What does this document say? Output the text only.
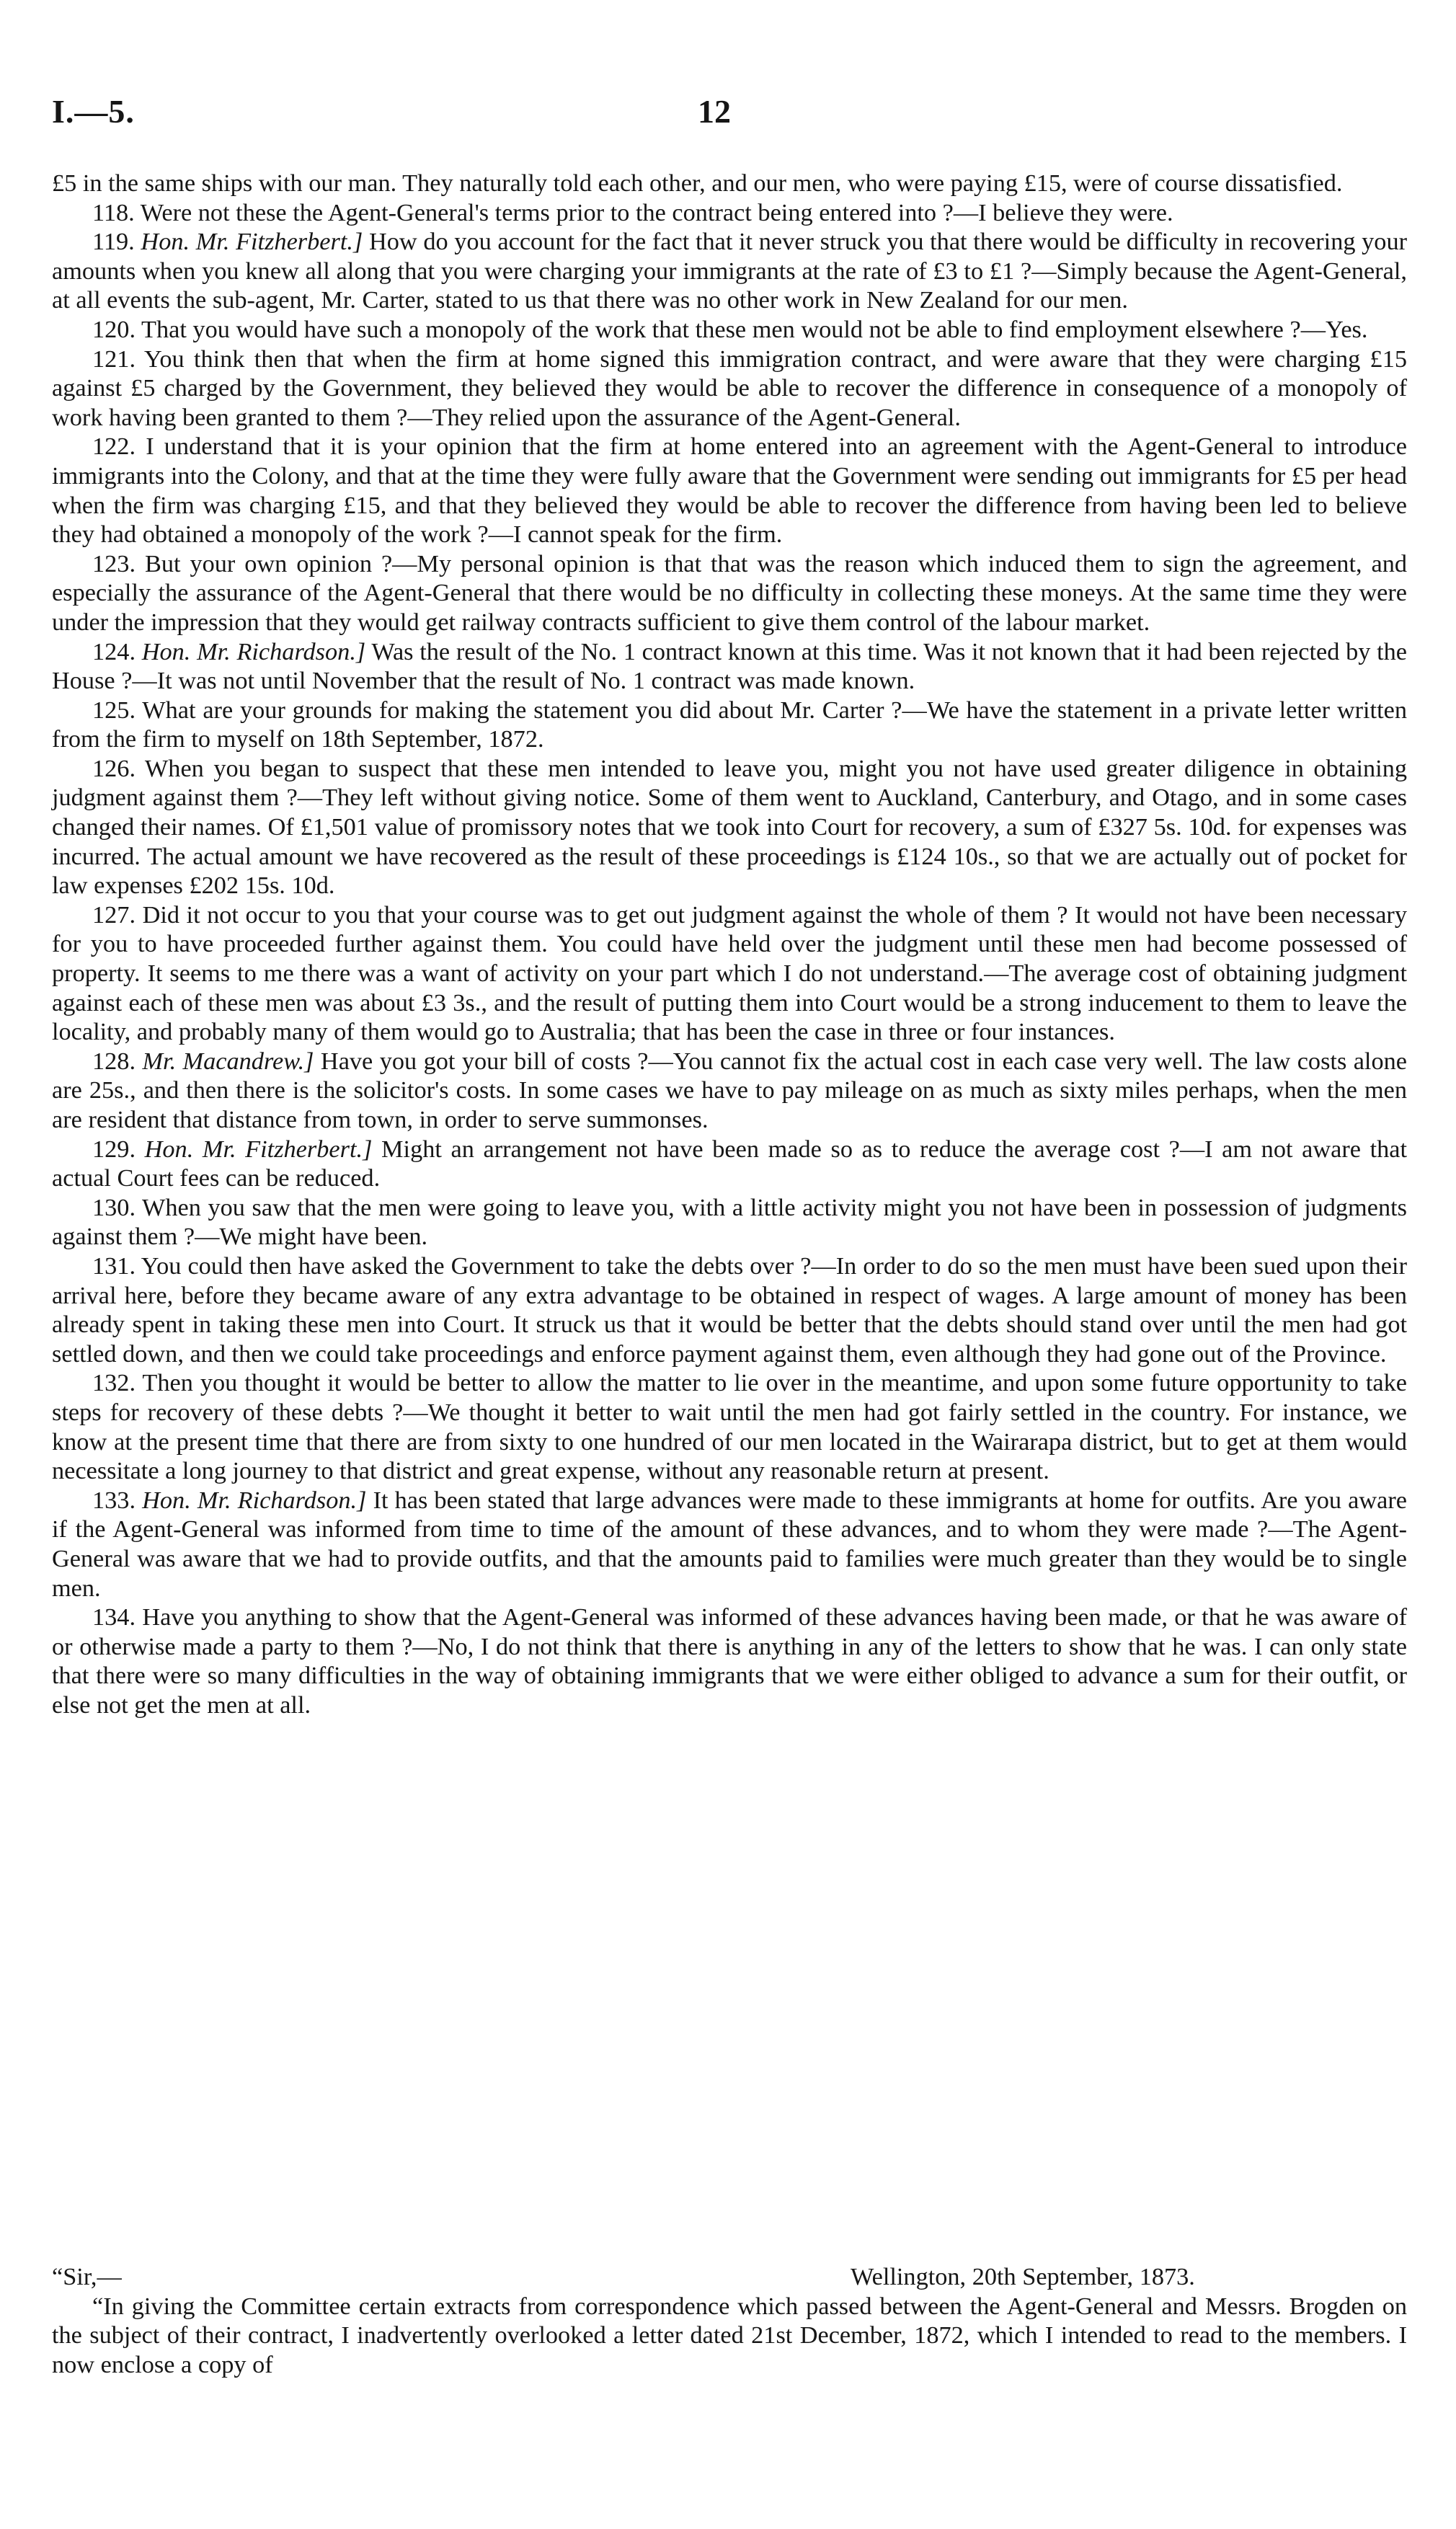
I.—5.	12

£5 in the same ships with our man. They naturally told each other, and our men, who were paying £15, were of course dissatisfied.

118. Were not these the Agent-General's terms prior to the contract being entered into ?—I believe they were.

119. Hon. Mr. Fitzherbert.] How do you account for the fact that it never struck you that there would be difficulty in recovering your amounts when you knew all along that you were charging your immigrants at the rate of £3 to £1 ?—Simply because the Agent-General, at all events the sub-agent, Mr. Carter, stated to us that there was no other work in New Zealand for our men.

120. That you would have such a monopoly of the work that these men would not be able to find employment elsewhere ?—Yes.

121. You think then that when the firm at home signed this immigration contract, and were aware that they were charging £15 against £5 charged by the Government, they believed they would be able to recover the difference in consequence of a monopoly of work having been granted to them ?—They relied upon the assurance of the Agent-General.

122. I understand that it is your opinion that the firm at home entered into an agreement with the Agent-General to introduce immigrants into the Colony, and that at the time they were fully aware that the Government were sending out immigrants for £5 per head when the firm was charging £15, and that they believed they would be able to recover the difference from having been led to believe they had obtained a monopoly of the work ?—I cannot speak for the firm.

123. But your own opinion ?—My personal opinion is that that was the reason which induced them to sign the agreement, and especially the assurance of the Agent-General that there would be no difficulty in collecting these moneys. At the same time they were under the impression that they would get railway contracts sufficient to give them control of the labour market.

124. Hon. Mr. Richardson.] Was the result of the No. 1 contract known at this time. Was it not known that it had been rejected by the House ?—It was not until November that the result of No. 1 contract was made known.

125. What are your grounds for making the statement you did about Mr. Carter ?—We have the statement in a private letter written from the firm to myself on 18th September, 1872.

126. When you began to suspect that these men intended to leave you, might you not have used greater diligence in obtaining judgment against them ?—They left without giving notice. Some of them went to Auckland, Canterbury, and Otago, and in some cases changed their names. Of £1,501 value of promissory notes that we took into Court for recovery, a sum of £327 5s. 10d. for expenses was incurred. The actual amount we have recovered as the result of these proceedings is £124 10s., so that we are actually out of pocket for law expenses £202 15s. 10d.

127. Did it not occur to you that your course was to get out judgment against the whole of them ? It would not have been necessary for you to have proceeded further against them. You could have held over the judgment until these men had become possessed of property. It seems to me there was a want of activity on your part which I do not understand.—The average cost of obtaining judgment against each of these men was about £3 3s., and the result of putting them into Court would be a strong inducement to them to leave the locality, and probably many of them would go to Australia; that has been the case in three or four instances.

128. Mr. Macandrew.] Have you got your bill of costs ?—You cannot fix the actual cost in each case very well. The law costs alone are 25s., and then there is the solicitor's costs. In some cases we have to pay mileage on as much as sixty miles perhaps, when the men are resident that distance from town, in order to serve summonses.

129. Hon. Mr. Fitzherbert.] Might an arrangement not have been made so as to reduce the average cost ?—I am not aware that actual Court fees can be reduced.

130. When you saw that the men were going to leave you, with a little activity might you not have been in possession of judgments against them ?—We might have been.

131. You could then have asked the Government to take the debts over ?—In order to do so the men must have been sued upon their arrival here, before they became aware of any extra advantage to be obtained in respect of wages. A large amount of money has been already spent in taking these men into Court. It struck us that it would be better that the debts should stand over until the men had got settled down, and then we could take proceedings and enforce payment against them, even although they had gone out of the Province.

132. Then you thought it would be better to allow the matter to lie over in the meantime, and upon some future opportunity to take steps for recovery of these debts ?—We thought it better to wait until the men had got fairly settled in the country. For instance, we know at the present time that there are from sixty to one hundred of our men located in the Wairarapa district, but to get at them would necessitate a long journey to that district and great expense, without any reasonable return at present.

133. Hon. Mr. Richardson.] It has been stated that large advances were made to these immigrants at home for outfits. Are you aware if the Agent-General was informed from time to time of the amount of these advances, and to whom they were made ?—The Agent-General was aware that we had to provide outfits, and that the amounts paid to families were much greater than they would be to single men.

134. Have you anything to show that the Agent-General was informed of these advances having been made, or that he was aware of or otherwise made a party to them ?—No, I do not think that there is anything in any of the letters to show that he was. I can only state that there were so many difficulties in the way of obtaining immigrants that we were either obliged to advance a sum for their outfit, or else not get the men at all.

“Sir,—	Wellington, 20th September, 1873.

“In giving the Committee certain extracts from correspondence which passed between the Agent-General and Messrs. Brogden on the subject of their contract, I inadvertently overlooked a letter dated 21st December, 1872, which I intended to read to the members. I now enclose a copy of
